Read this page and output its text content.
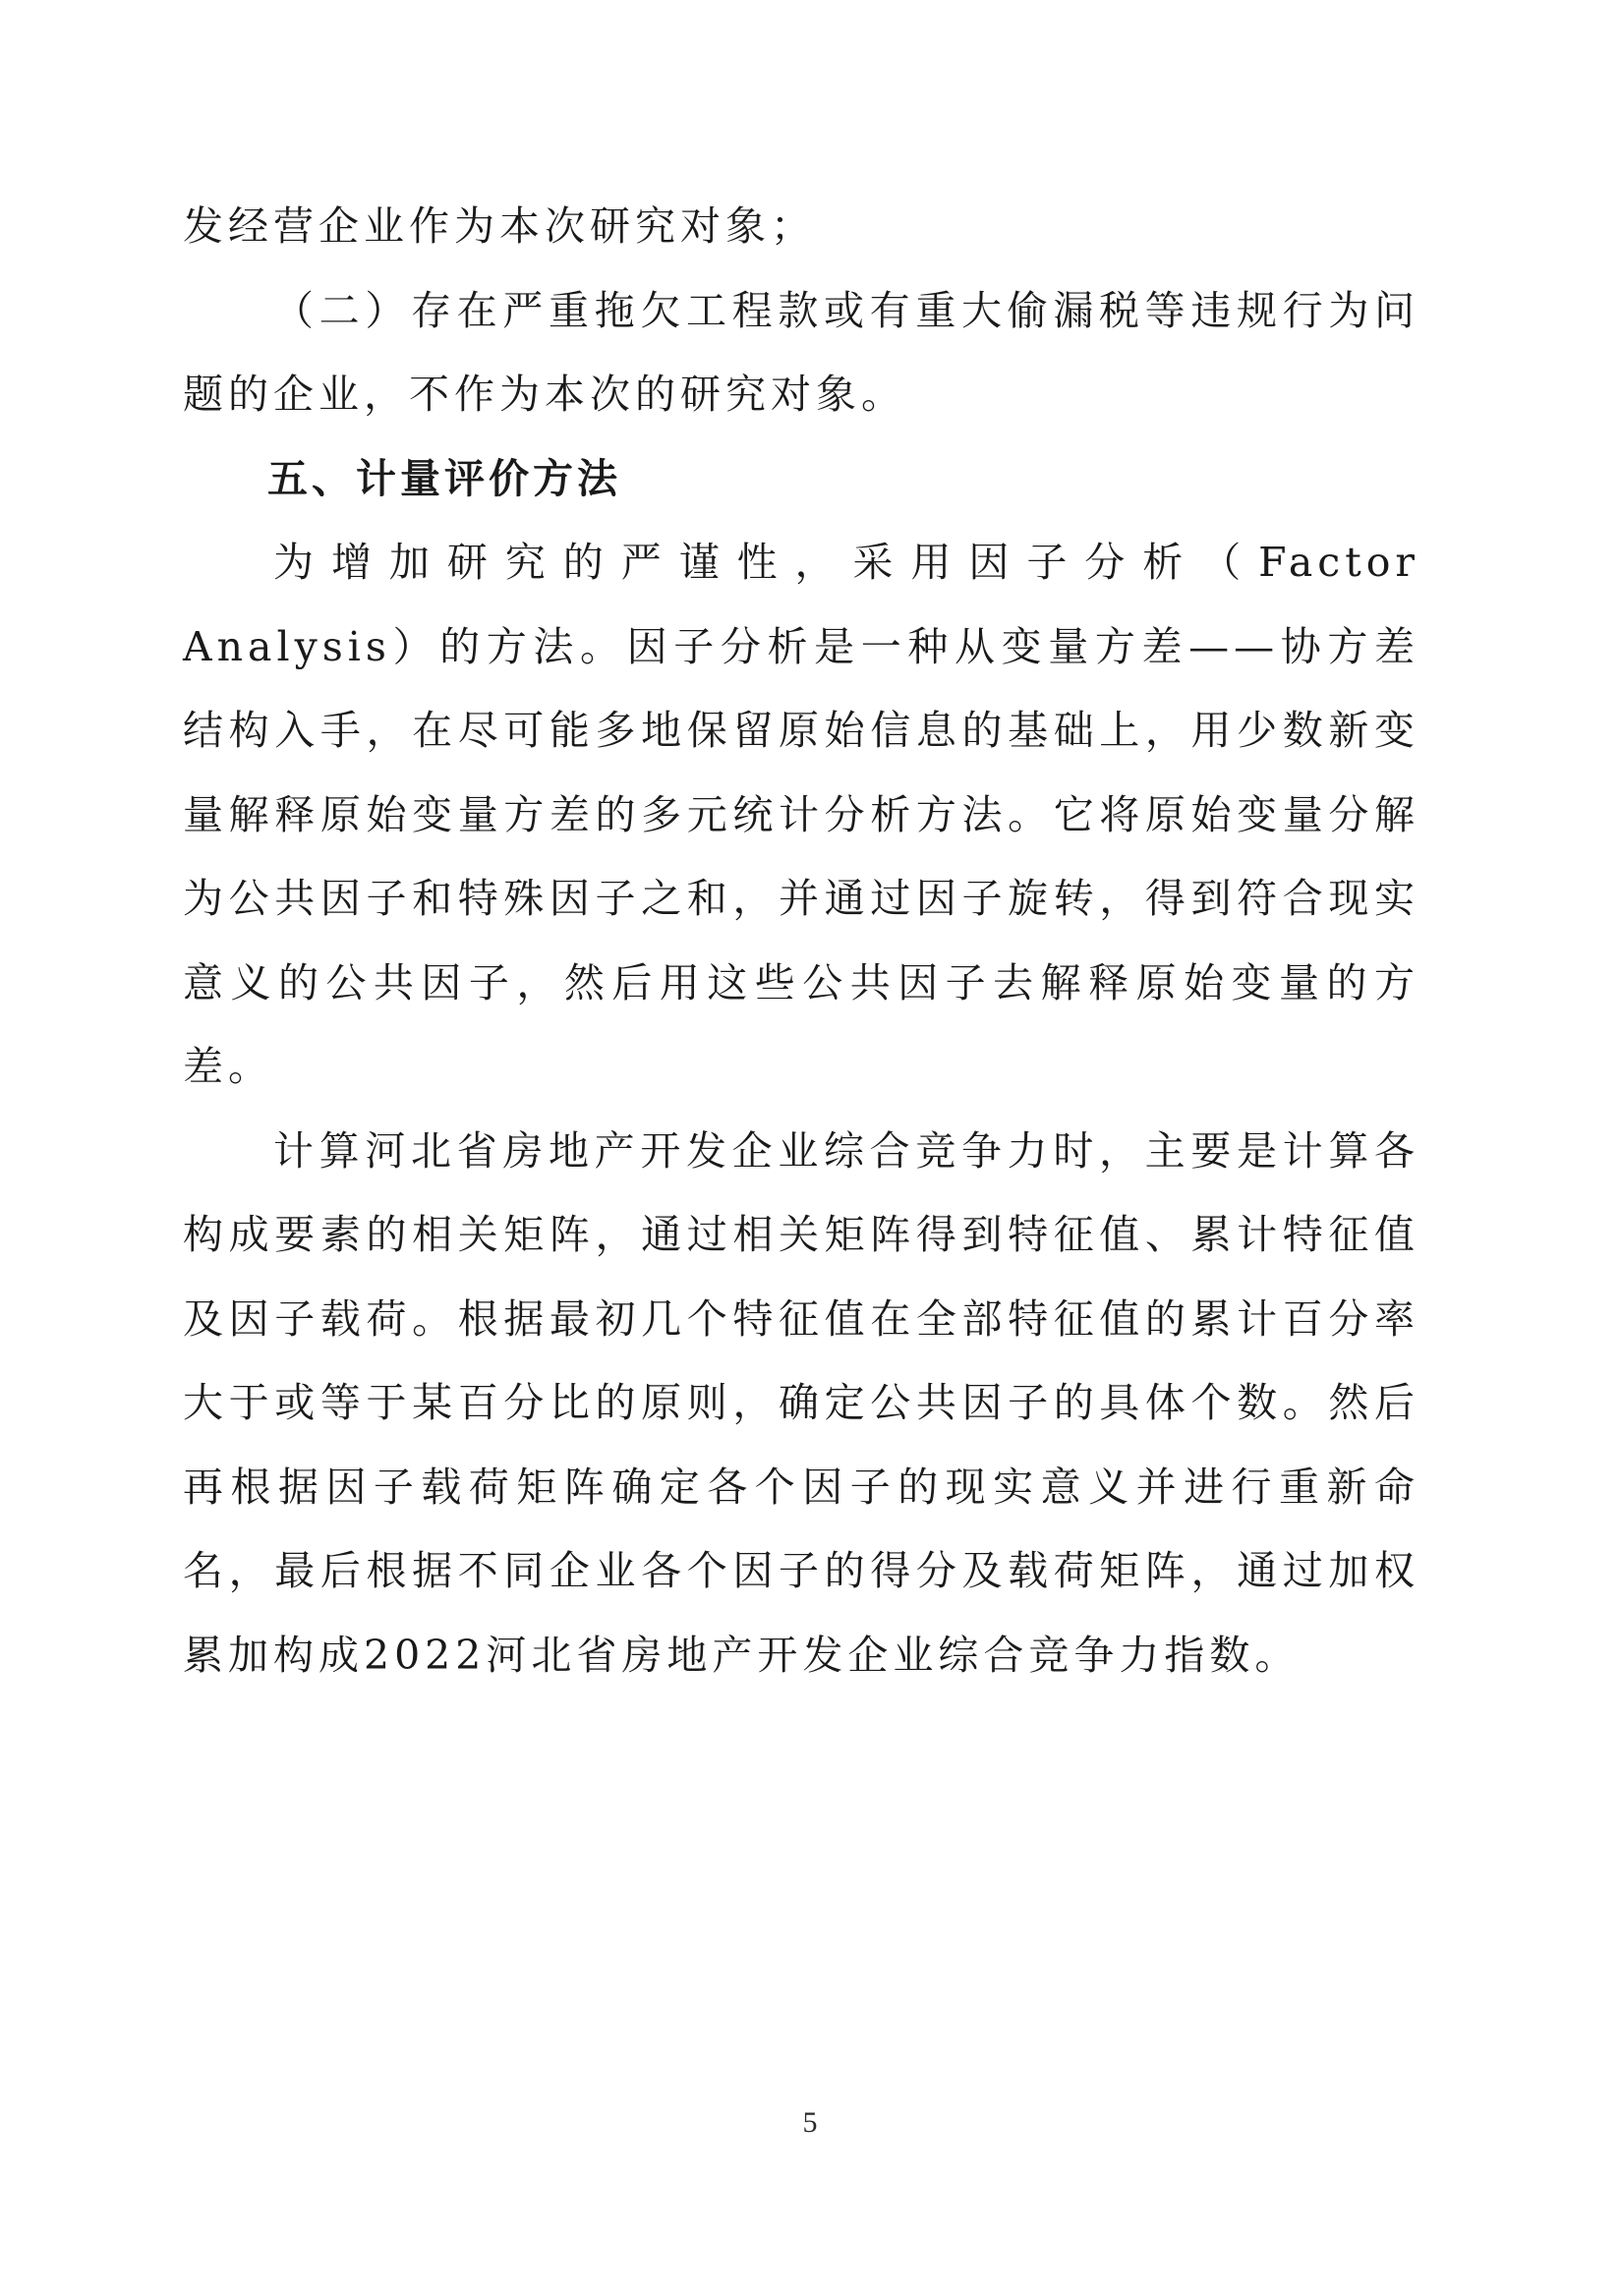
发经营企业作为本次研究对象；

（二）存在严重拖欠工程款或有重大偷漏税等违规行为问题的企业，不作为本次的研究对象。

五、计量评价方法

为增加研究的严谨性，采用因子分析（Factor Analysis）的方法。因子分析是一种从变量方差——协方差结构入手，在尽可能多地保留原始信息的基础上，用少数新变量解释原始变量方差的多元统计分析方法。它将原始变量分解为公共因子和特殊因子之和，并通过因子旋转，得到符合现实意义的公共因子，然后用这些公共因子去解释原始变量的方差。

计算河北省房地产开发企业综合竞争力时，主要是计算各构成要素的相关矩阵，通过相关矩阵得到特征值、累计特征值及因子载荷。根据最初几个特征值在全部特征值的累计百分率大于或等于某百分比的原则，确定公共因子的具体个数。然后再根据因子载荷矩阵确定各个因子的现实意义并进行重新命名，最后根据不同企业各个因子的得分及载荷矩阵，通过加权累加构成2022河北省房地产开发企业综合竞争力指数。

5
